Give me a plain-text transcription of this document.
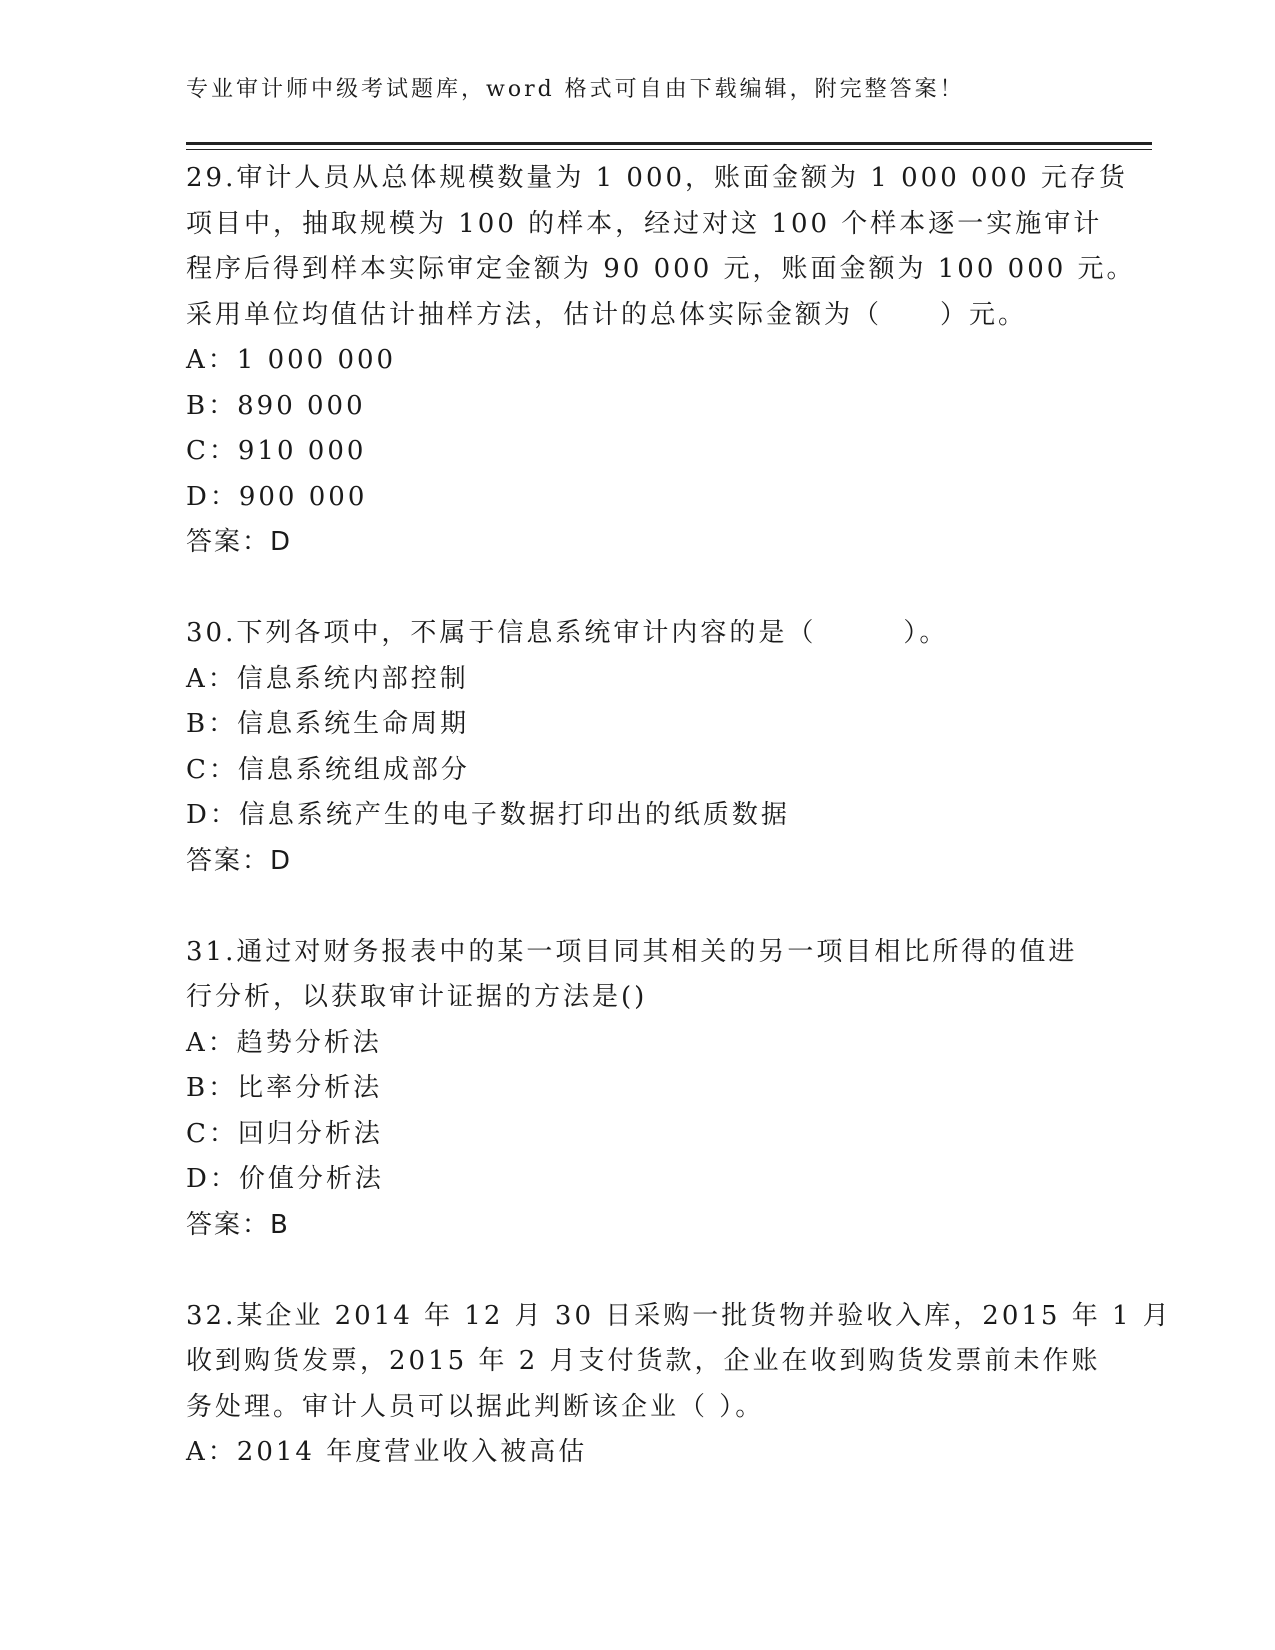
专业审计师中级考试题库，word 格式可自由下载编辑，附完整答案！

29.审计人员从总体规模数量为 1 000，账面金额为 1 000 000 元存货

项目中，抽取规模为 100 的样本，经过对这 100 个样本逐一实施审计

程序后得到样本实际审定金额为 90 000 元，账面金额为 100 000 元。

采用单位均值估计抽样方法，估计的总体实际金额为（　　）元。

A：1 000 000

B：890 000

C：910 000

D：900 000

答案：D

30.下列各项中，不属于信息系统审计内容的是（　　　）。

A：信息系统内部控制

B：信息系统生命周期

C：信息系统组成部分

D：信息系统产生的电子数据打印出的纸质数据

答案：D

31.通过对财务报表中的某一项目同其相关的另一项目相比所得的值进

行分析，以获取审计证据的方法是()

A：趋势分析法

B：比率分析法

C：回归分析法

D：价值分析法

答案：B

32.某企业 2014 年 12 月 30 日采购一批货物并验收入库，2015 年 1 月

收到购货发票，2015 年 2 月支付货款，企业在收到购货发票前未作账

务处理。审计人员可以据此判断该企业（ ）。

A：2014 年度营业收入被高估
